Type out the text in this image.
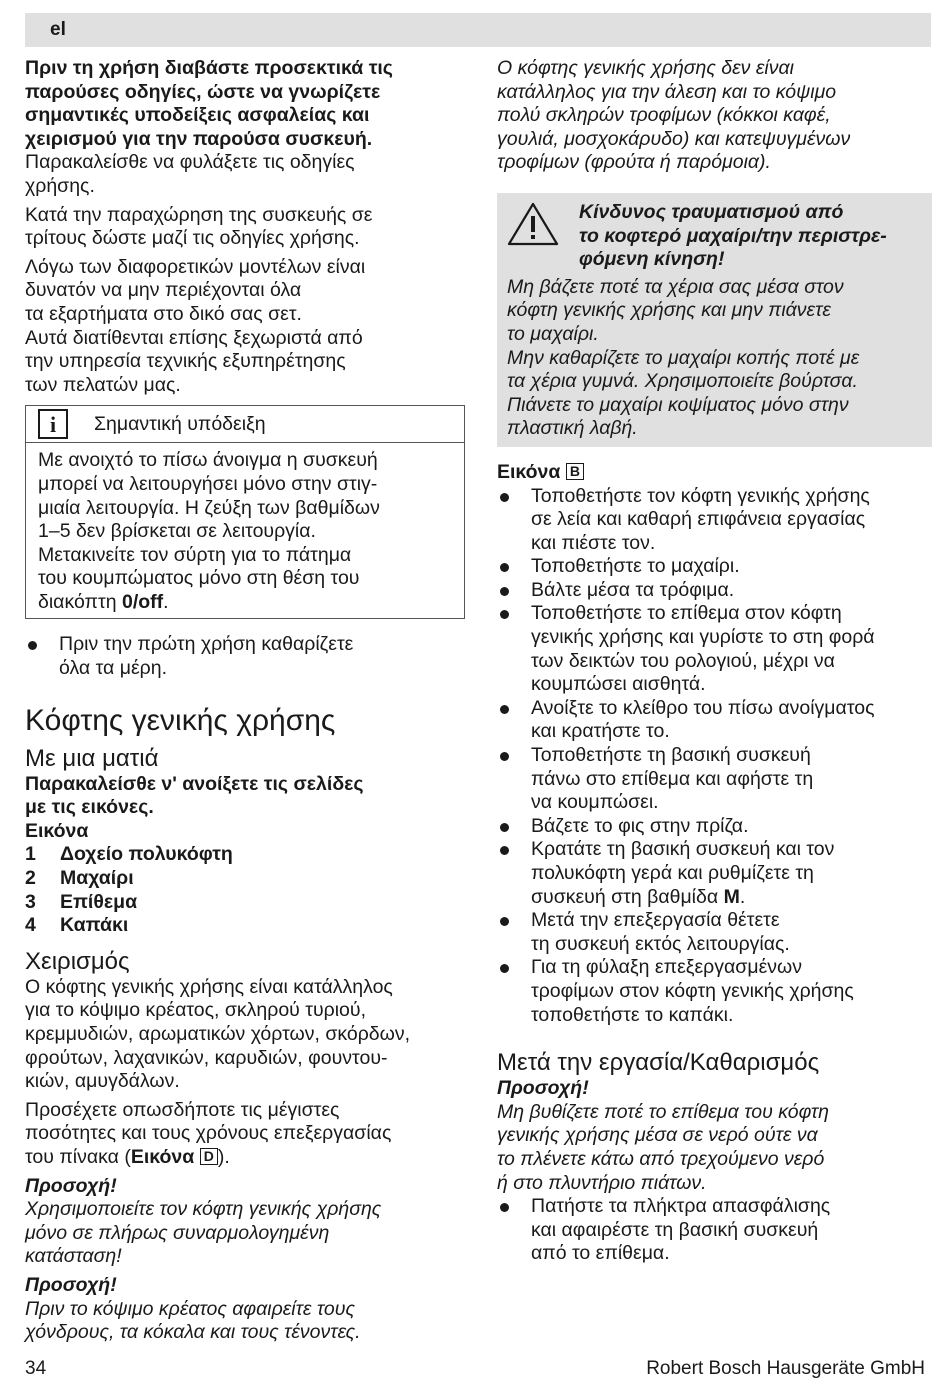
el

Πριν τη χρήση διαβάστε προσεκτικά τις
παρούσες οδηγίες, ώστε να γνωρίζετε
σημαντικές υποδείξεις ασφαλείας και
χειρισμού για την παρούσα συσκευή.

Παρακαλείσθε να φυλάξετε τις οδηγίες
χρήσης.

Κατά την παραχώρηση της συσκευής σε
τρίτους δώστε μαζί τις οδηγίες χρήσης.

Λόγω των διαφορετικών μοντέλων είναι
δυνατόν να μην περιέχονται όλα
τα εξαρτήματα στο δικό σας σετ.
Αυτά διατίθενται επίσης ξεχωριστά από
την υπηρεσία τεχνικής εξυπηρέτησης
των πελατών μας.

i	Σημαντική υπόδειξη

Με ανοιχτό το πίσω άνοιγμα η συσκευή
μπορεί να λειτουργήσει μόνο στην στιγ-
μιαία λειτουργία. Η ζεύξη των βαθμίδων
1–5 δεν βρίσκεται σε λειτουργία.
Μετακινείτε τον σύρτη για το πάτημα
του κουμπώματος μόνο στη θέση του
διακόπτη 0/off.

Πριν την πρώτη χρήση καθαρίζετε
όλα τα μέρη.
Κόφτης γενικής χρήσης
Με μια ματιά

Παρακαλείσθε ν' ανοίξετε τις σελίδες
με τις εικόνες.

Εικόνα

1	Δοχείο πολυκόφτη
2	Μαχαίρι
3	Επίθεμα
4	Καπάκι
Χειρισμός

Ο κόφτης γενικής χρήσης είναι κατάλληλος
για το κόψιμο κρέατος, σκληρού τυριού,
κρεμμυδιών, αρωματικών χόρτων, σκόρδων,
φρούτων, λαχανικών, καρυδιών, φουντου-
κιών, αμυγδάλων.

Προσέχετε οπωσδήποτε τις μέγιστες
ποσότητες και τους χρόνους επεξεργασίας
του πίνακα (Εικόνα D ).

Προσοχή!

Χρησιμοποιείτε τον κόφτη γενικής χρήσης
μόνο σε πλήρως συναρμολογημένη
κατάσταση!

Προσοχή!

Πριν το κόψιμο κρέατος αφαιρείτε τους
χόνδρους, τα κόκαλα και τους τένοντες.

Ο κόφτης γενικής χρήσης δεν είναι
κατάλληλος για την άλεση και το κόψιμο
πολύ σκληρών τροφίμων (κόκκοι καφέ,
γουλιά, μοσχοκάρυδο) και κατεψυγμένων
τροφίμων (φρούτα ή παρόμοια).

Κίνδυνος τραυματισμού από
το κοφτερό μαχαίρι/την περιστρε-
φόμενη κίνηση!

Μη βάζετε ποτέ τα χέρια σας μέσα στον
κόφτη γενικής χρήσης και μην πιάνετε
το μαχαίρι.
Μην καθαρίζετε το μαχαίρι κοπής ποτέ με
τα χέρια γυμνά. Χρησιμοποιείτε βούρτσα.
Πιάνετε το μαχαίρι κοψίματος μόνο στην
πλαστική λαβή.

Εικόνα B

Τοποθετήστε τον κόφτη γενικής χρήσης
σε λεία και καθαρή επιφάνεια εργασίας
και πιέστε τον.
Τοποθετήστε το μαχαίρι.
Βάλτε μέσα τα τρόφιμα.
Τοποθετήστε το επίθεμα στον κόφτη
γενικής χρήσης και γυρίστε το στη φορά
των δεικτών του ρολογιού, μέχρι να
κουμπώσει αισθητά.
Ανοίξτε το κλείθρο του πίσω ανοίγματος
και κρατήστε το.
Τοποθετήστε τη βασική συσκευή
πάνω στο επίθεμα και αφήστε τη
να κουμπώσει.
Βάζετε το φις στην πρίζα.
Κρατάτε τη βασική συσκευή και τον
πολυκόφτη γερά και ρυθμίζετε τη
συσκευή στη βαθμίδα M.
Μετά την επεξεργασία θέτετε
τη συσκευή εκτός λειτουργίας.
Για τη φύλαξη επεξεργασμένων
τροφίμων στον κόφτη γενικής χρήσης
τοποθετήστε το καπάκι.
Μετά την εργασία/Καθαρισμός

Προσοχή!

Μη βυθίζετε ποτέ το επίθεμα του κόφτη
γενικής χρήσης μέσα σε νερό ούτε να
το πλένετε κάτω από τρεχούμενο νερό
ή στο πλυντήριο πιάτων.

Πατήστε τα πλήκτρα απασφάλισης
και αφαιρέστε τη βασική συσκευή
από το επίθεμα.
34	Robert Bosch Hausgeräte GmbH
